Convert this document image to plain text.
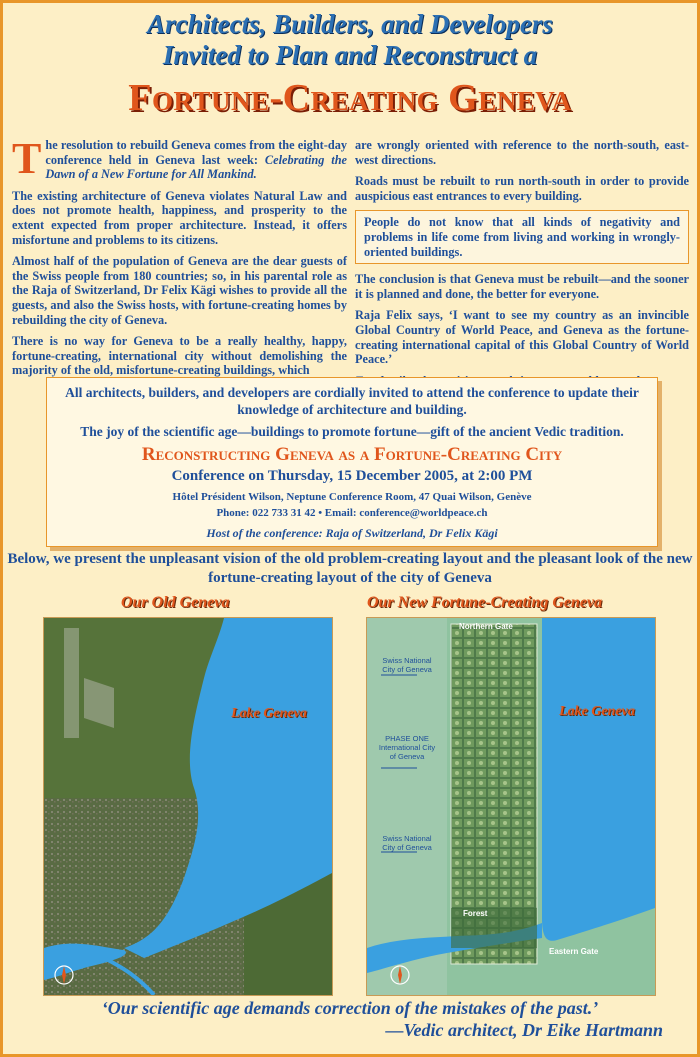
Architects, Builders, and Developers
Invited to Plan and Reconstruct a
Fortune-Creating Geneva

The resolution to rebuild Geneva comes from the eight-day conference held in Geneva last week: Celebrating the Dawn of a New Fortune for All Mankind.

The existing architecture of Geneva violates Natural Law and does not promote health, happiness, and prosperity to the extent expected from proper architecture. Instead, it offers misfortune and problems to its citizens.

Almost half of the population of Geneva are the dear guests of the Swiss people from 180 countries; so, in his parental role as the Raja of Switzerland, Dr Felix Kägi wishes to provide all the guests, and also the Swiss hosts, with fortune-creating homes by rebuilding the city of Geneva.

There is no way for Geneva to be a really healthy, happy, fortune-creating, international city without demolishing the majority of the old, misfortune-creating buildings, which

are wrongly oriented with reference to the north-south, east-west directions.

Roads must be rebuilt to run north-south in order to provide auspicious east entrances to every building.

People do not know that all kinds of negativity and problems in life come from living and working in wrongly-oriented buildings.

The conclusion is that Geneva must be rebuilt—and the sooner it is planned and done, the better for everyone.

Raja Felix says, ‘I want to see my country as an invincible Global Country of World Peace, and Geneva as the fortune-creating international capital of this Global Country of World Peace.’

All architects, builders, and developers are cordially invited to attend the conference to update their knowledge of architecture and building.
The joy of the scientific age—buildings to promote fortune—gift of the ancient Vedic tradition.
Reconstructing Geneva as a Fortune-Creating City
Conference on Thursday, 15 December 2005, at 2:00 PM
Hôtel Président Wilson, Neptune Conference Room, 47 Quai Wilson, Genève
Phone: 022 733 31 42 • Email: conference@worldpeace.ch
Host of the conference: Raja of Switzerland, Dr Felix Kägi
Below, we present the unpleasant vision of the old problem-creating layout and the pleasant look of the new fortune-creating layout of the city of Geneva
Our Old Geneva	Our New Fortune-Creating Geneva
Lake Geneva
Northern Gate
Swiss National City of Geneva
PHASE ONE International City of Geneva
Swiss National City of Geneva
Lake Geneva
Forest
Eastern Gate
‘Our scientific age demands correction of the mistakes of the past.’
—Vedic architect, Dr Eike Hartmann
